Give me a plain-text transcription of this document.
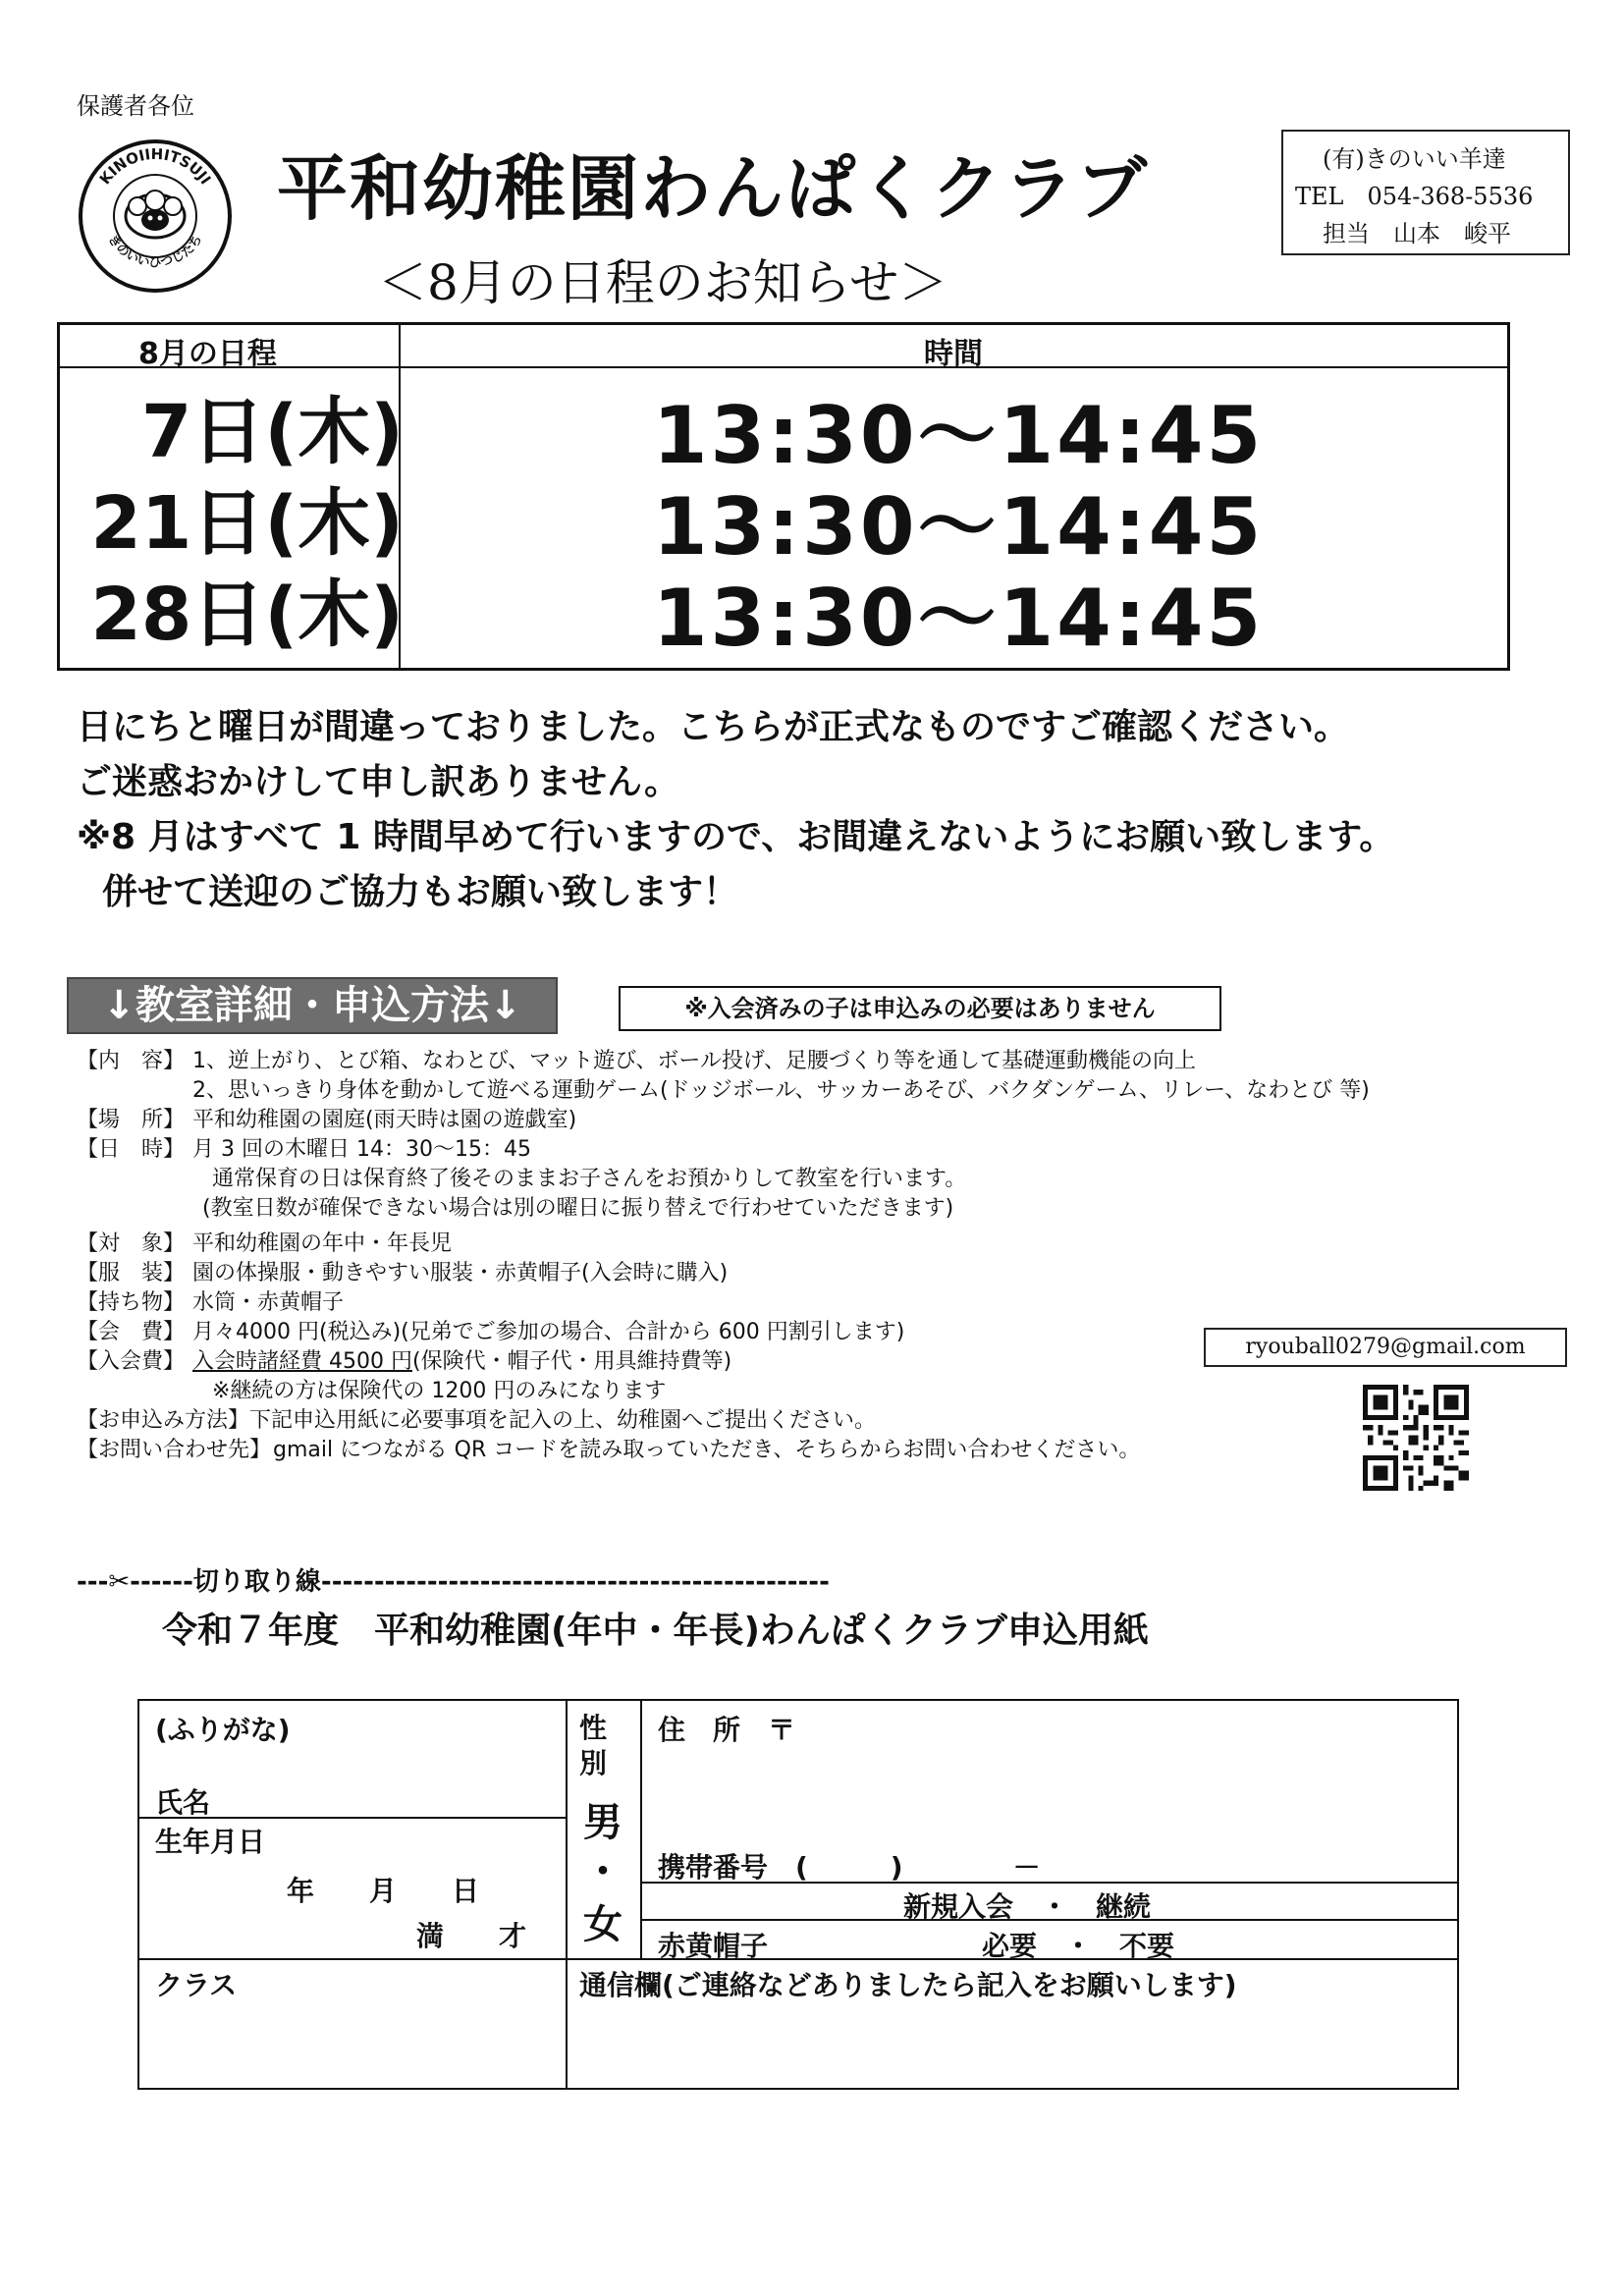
保護者各位
KINOIIHITSUJI
きのいいひつじたち
平和幼稚園わんぱくクラブ
＜8月の日程のお知らせ＞
(有)きのいい羊達
TEL　054-368-5536
担当　山本　峻平
8月の日程	時間
7日(木)	13:30～14:45
21日(木)	13:30～14:45
28日(木)	13:30～14:45
日にちと曜日が間違っておりました。こちらが正式なものですご確認ください。
ご迷惑おかけして申し訳ありません。
※8 月はすべて 1 時間早めて行いますので、お間違えないようにお願い致します。
併せて送迎のご協力もお願い致します！
↓教室詳細・申込方法↓	※入会済みの子は申込みの必要はありません
【内　容】 1、逆上がり、とび箱、なわとび、マット遊び、ボール投げ、足腰づくり等を通して基礎運動機能の向上
2、思いっきり身体を動かして遊べる運動ゲーム(ドッジボール、サッカーあそび、バクダンゲーム、リレー、なわとび 等)
【場　所】 平和幼稚園の園庭(雨天時は園の遊戯室)
【日　時】 月 3 回の木曜日 14：30～15：45
通常保育の日は保育終了後そのままお子さんをお預かりして教室を行います。
(教室日数が確保できない場合は別の曜日に振り替えで行わせていただきます)
【対　象】 平和幼稚園の年中・年長児
【服　装】 園の体操服・動きやすい服装・赤黄帽子(入会時に購入)
【持ち物】 水筒・赤黄帽子
【会　費】 月々4000 円(税込み)(兄弟でご参加の場合、合計から 600 円割引します)
【入会費】 入会時諸経費 4500 円(保険代・帽子代・用具維持費等)
※継続の方は保険代の 1200 円のみになります
【お申込み方法】 下記申込用紙に必要事項を記入の上、幼稚園へご提出ください。
【お問い合わせ先】 gmail につながる QR コードを読み取っていただき、そちらからお問い合わせください。
ryouball0279@gmail.com
---✂------切り取り線------------------------------------------------
令和７年度　平和幼稚園(年中・年長)わんぱくクラブ申込用紙
(ふりがな)
氏名
生年月日
年　　月　　日
満　　才
性
別
男
・
女
住　所　〒
携帯番号　(　　　)　　　　－
新規入会　・　継続
赤黄帽子	必要　・　不要
クラス	通信欄(ご連絡などありましたら記入をお願いします)
